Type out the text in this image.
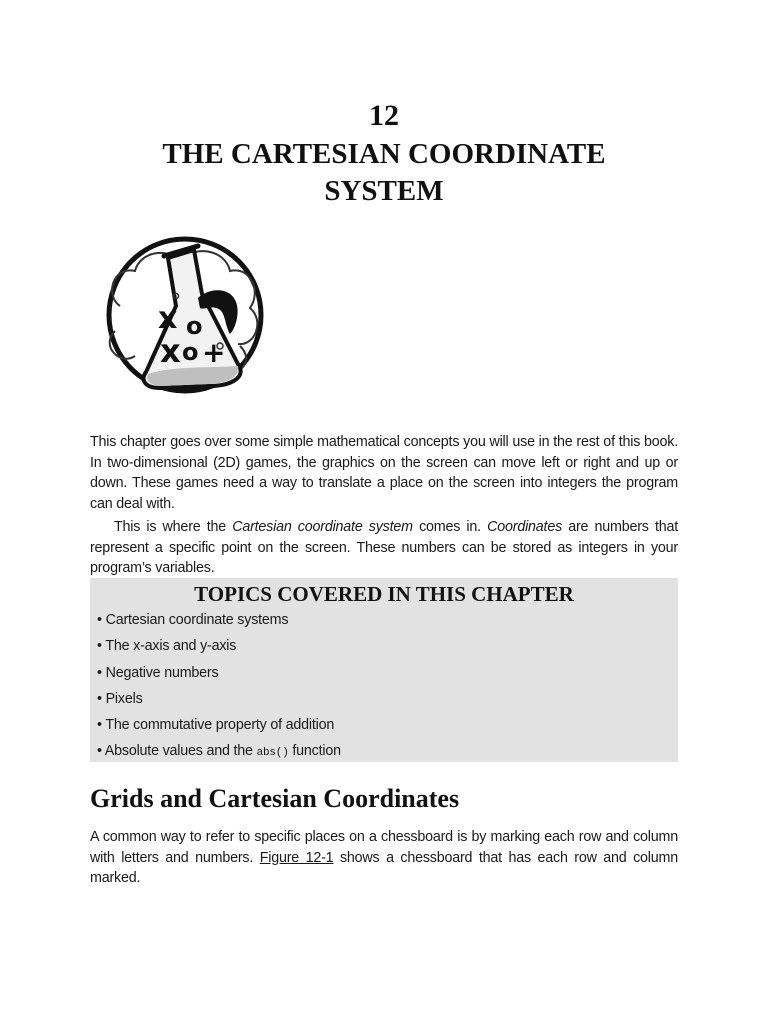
12
THE CARTESIAN COORDINATE SYSTEM
x o
x o +

This chapter goes over some simple mathematical concepts you will use in the rest of this book. In two-dimensional (2D) games, the graphics on the screen can move left or right and up or down. These games need a way to translate a place on the screen into integers the program can deal with.

This is where the Cartesian coordinate system comes in. Coordinates are numbers that represent a specific point on the screen. These numbers can be stored as integers in your program’s variables.

TOPICS COVERED IN THIS CHAPTER
• Cartesian coordinate systems
• The x-axis and y-axis
• Negative numbers
• Pixels
• The commutative property of addition
• Absolute values and the abs() function
Grids and Cartesian Coordinates

A common way to refer to specific places on a chessboard is by marking each row and column with letters and numbers. Figure 12-1 shows a chessboard that has each row and column marked.
